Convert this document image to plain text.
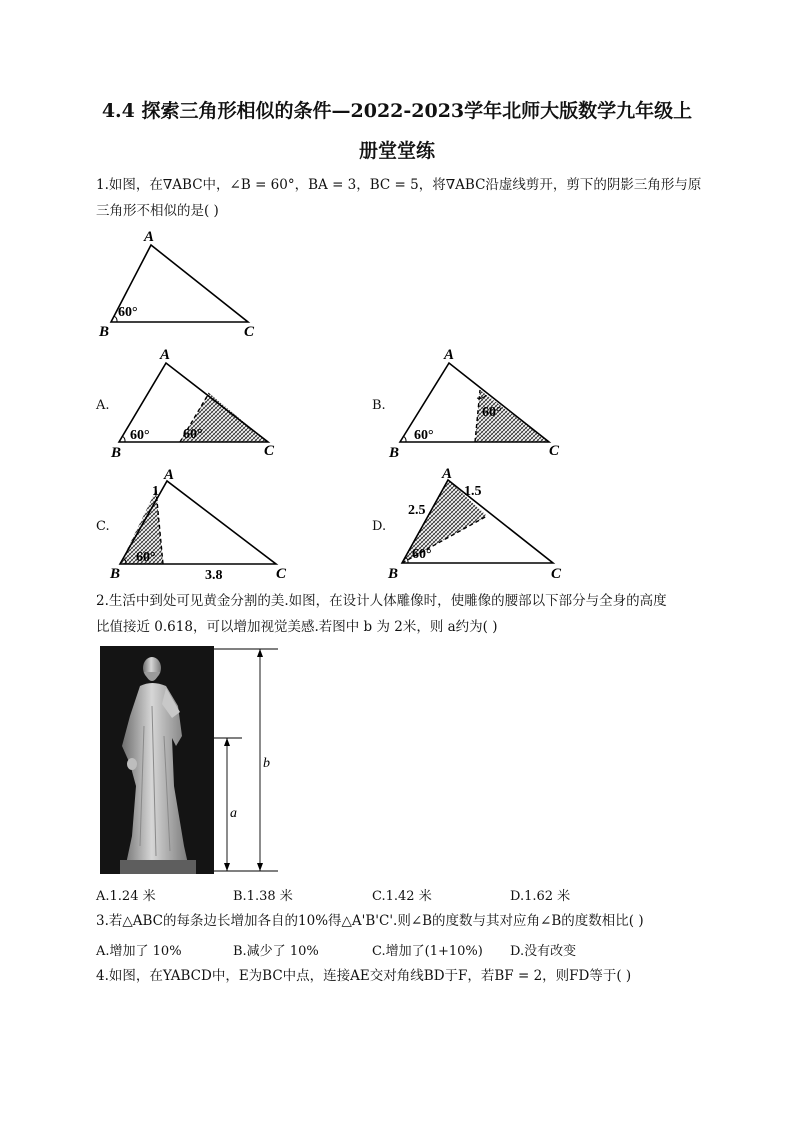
4.4 探索三角形相似的条件—2022-2023学年北师大版数学九年级上
册堂堂练
1.如图，在∇ABC中，∠B = 60°，BA = 3，BC = 5，将∇ABC沿虚线剪开，剪下的阴影三角形与原
三角形不相似的是( )
A
B	C
60°
A.
A
B	C
60° 60°
B.
A
B	C
60°
60°
C.
A
B	C
60°
1
3.8
D.
A
B	C
60°
2.5
1.5
2.生活中到处可见黄金分割的美.如图，在设计人体雕像时，使雕像的腰部以下部分与全身的高度
比值接近 0.618，可以增加视觉美感.若图中 b 为 2米，则 a约为( )
b
a
A.1.24 米	B.1.38 米	C.1.42 米	D.1.62 米
3.若△ABC的每条边长增加各自的10%得△A'B'C'.则∠B的度数与其对应角∠B的度数相比( )
A.增加了 10%	B.减少了 10%	C.增加了(1+10%) D.没有改变
4.如图，在YABCD中，E为BC中点，连接AE交对角线BD于F，若BF = 2，则FD等于( )
